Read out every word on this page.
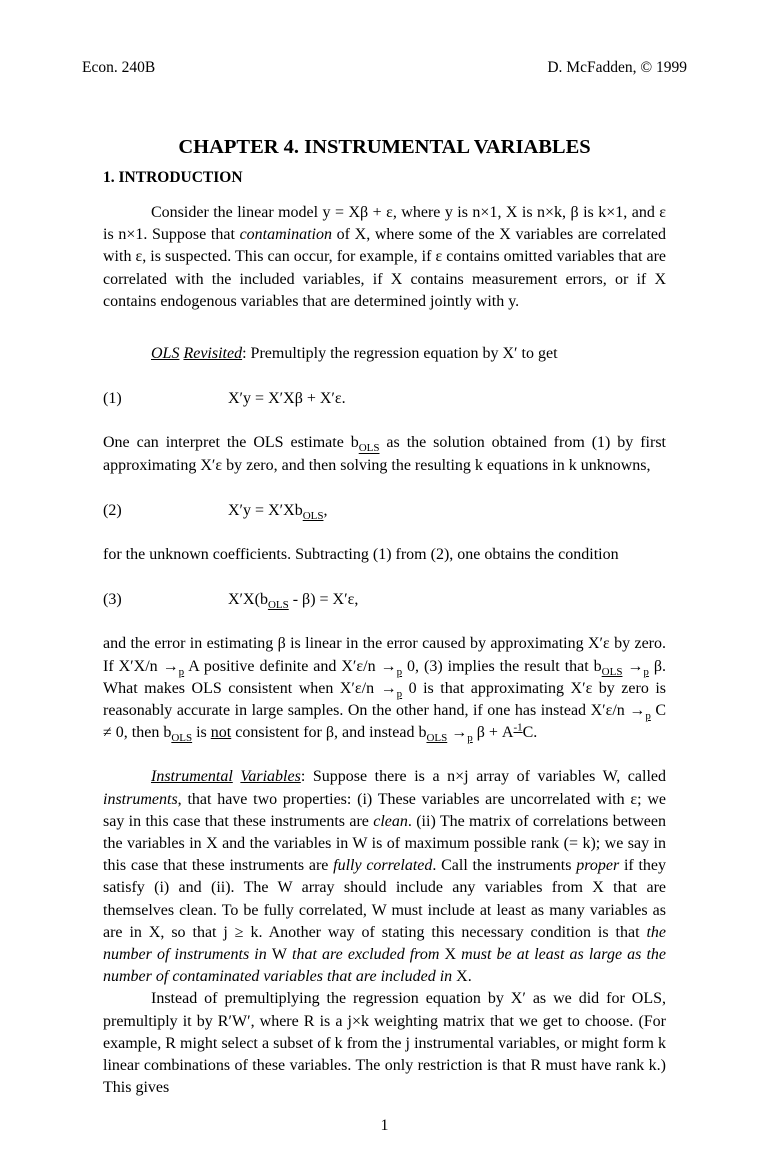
Econ. 240B	D. McFadden, © 1999
CHAPTER 4. INSTRUMENTAL VARIABLES
1. INTRODUCTION
Consider the linear model y = Xβ + ε, where y is n×1, X is n×k, β is k×1, and ε is n×1. Suppose that contamination of X, where some of the X variables are correlated with ε, is suspected. This can occur, for example, if ε contains omitted variables that are correlated with the included variables, if X contains measurement errors, or if X contains endogenous variables that are determined jointly with y.
OLS Revisited: Premultiply the regression equation by X′ to get
(1)	X′y = X′Xβ + X′ε.
One can interpret the OLS estimate $b_{OLS}$ as the solution obtained from (1) by first approximating X′ε by zero, and then solving the resulting k equations in k unknowns,
(2)	$X'y = X'Xb_{OLS}$,
for the unknown coefficients. Subtracting (1) from (2), one obtains the condition
(3)	$X'X(b_{OLS} - \beta) = X'\varepsilon$,
and the error in estimating β is linear in the error caused by approximating X′ε by zero. If $X'X/n \to_p$ A positive definite and $X'\varepsilon/n \to_p$ 0, (3) implies the result that $b_{OLS} \to_p$ β. What makes OLS consistent when $X'\varepsilon/n \to_p$ 0 is that approximating X′ε by zero is reasonably accurate in large samples. On the other hand, if one has instead $X'\varepsilon/n \to_p$ C ≠ 0, then $b_{OLS}$ is not consistent for β, and instead $b_{OLS} \to_p$ $\beta + A^{-1}C$.
Instrumental Variables: Suppose there is a n×j array of variables W, called instruments, that have two properties: (i) These variables are uncorrelated with ε; we say in this case that these instruments are clean. (ii) The matrix of correlations between the variables in X and the variables in W is of maximum possible rank (= k); we say in this case that these instruments are fully correlated. Call the instruments proper if they satisfy (i) and (ii). The W array should include any variables from X that are themselves clean. To be fully correlated, W must include at least as many variables as are in X, so that j ≥ k. Another way of stating this necessary condition is that the number of instruments in W that are excluded from X must be at least as large as the number of contaminated variables that are included in X.
Instead of premultiplying the regression equation by X′ as we did for OLS, premultiply it by R′W′, where R is a j×k weighting matrix that we get to choose. (For example, R might select a subset of k from the j instrumental variables, or might form k linear combinations of these variables. The only restriction is that R must have rank k.) This gives
1
